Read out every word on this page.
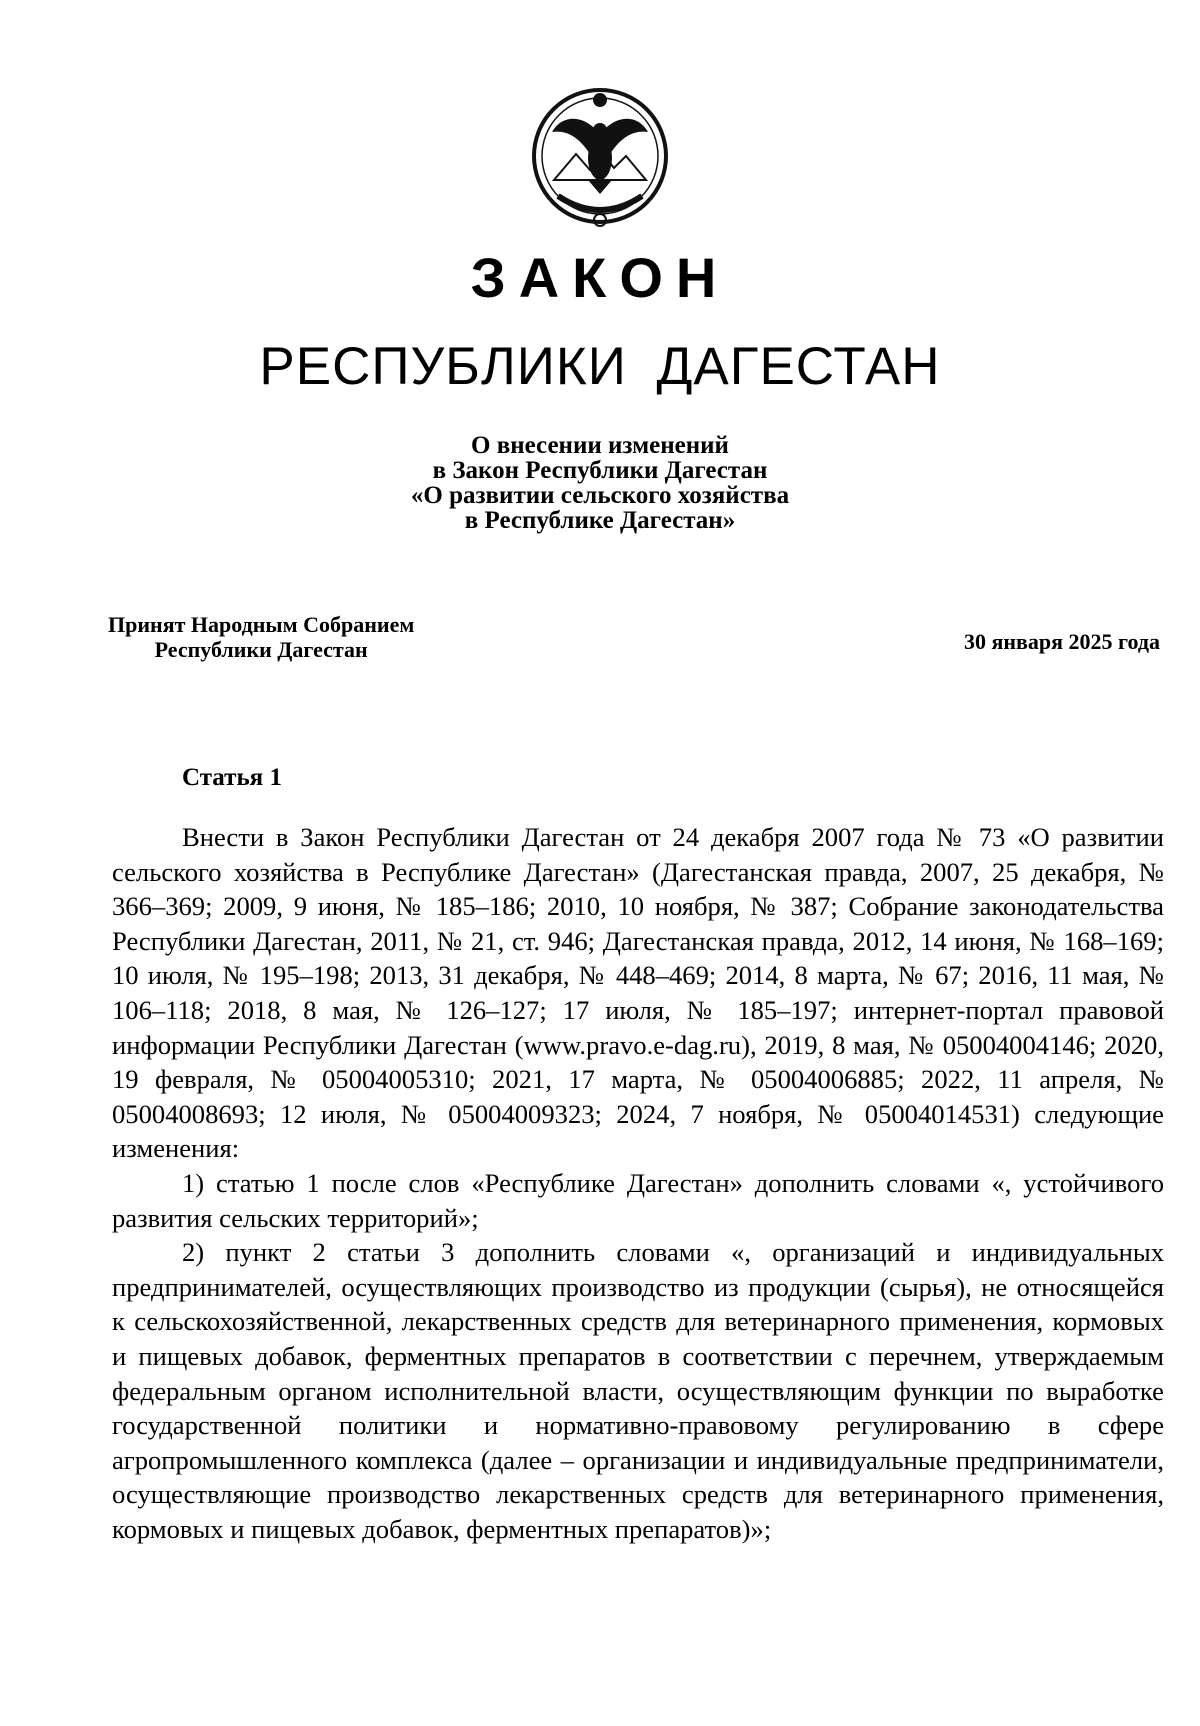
ЗАКОН
РЕСПУБЛИКИ ДАГЕСТАН
О внесении изменений
в Закон Республики Дагестан
«О развитии сельского хозяйства
в Республике Дагестан»
Принят Народным Собранием
Республики Дагестан	30 января 2025 года
Статья 1

Внести в Закон Республики Дагестан от 24 декабря 2007 года № 73 «О развитии сельского хозяйства в Республике Дагестан» (Дагестанская правда, 2007, 25 декабря, № 366–369; 2009, 9 июня, № 185–186; 2010, 10 ноября, № 387; Собрание законодательства Республики Дагестан, 2011, № 21, ст. 946; Дагестанская правда, 2012, 14 июня, № 168–169; 10 июля, № 195–198; 2013, 31 декабря, № 448–469; 2014, 8 марта, № 67; 2016, 11 мая, № 106–118; 2018, 8 мая, № 126–127; 17 июля, № 185–197; интернет-портал правовой информации Республики Дагестан (www.pravo.e-dag.ru), 2019, 8 мая, № 05004004146; 2020, 19 февраля, № 05004005310; 2021, 17 марта, № 05004006885; 2022, 11 апреля, № 05004008693; 12 июля, № 05004009323; 2024, 7 ноября, № 05004014531) следующие изменения:

1) статью 1 после слов «Республике Дагестан» дополнить словами «, устойчивого развития сельских территорий»;

2) пункт 2 статьи 3 дополнить словами «, организаций и индивидуальных предпринимателей, осуществляющих производство из продукции (сырья), не относящейся к сельскохозяйственной, лекарственных средств для ветеринарного применения, кормовых и пищевых добавок, ферментных препаратов в соответствии с перечнем, утверждаемым федеральным органом исполнительной власти, осуществляющим функции по выработке государственной политики и нормативно-правовому регулированию в сфере агропромышленного комплекса (далее – организации и индивидуальные предприниматели, осуществляющие производство лекарственных средств для ветеринарного применения, кормовых и пищевых добавок, ферментных препаратов)»;
